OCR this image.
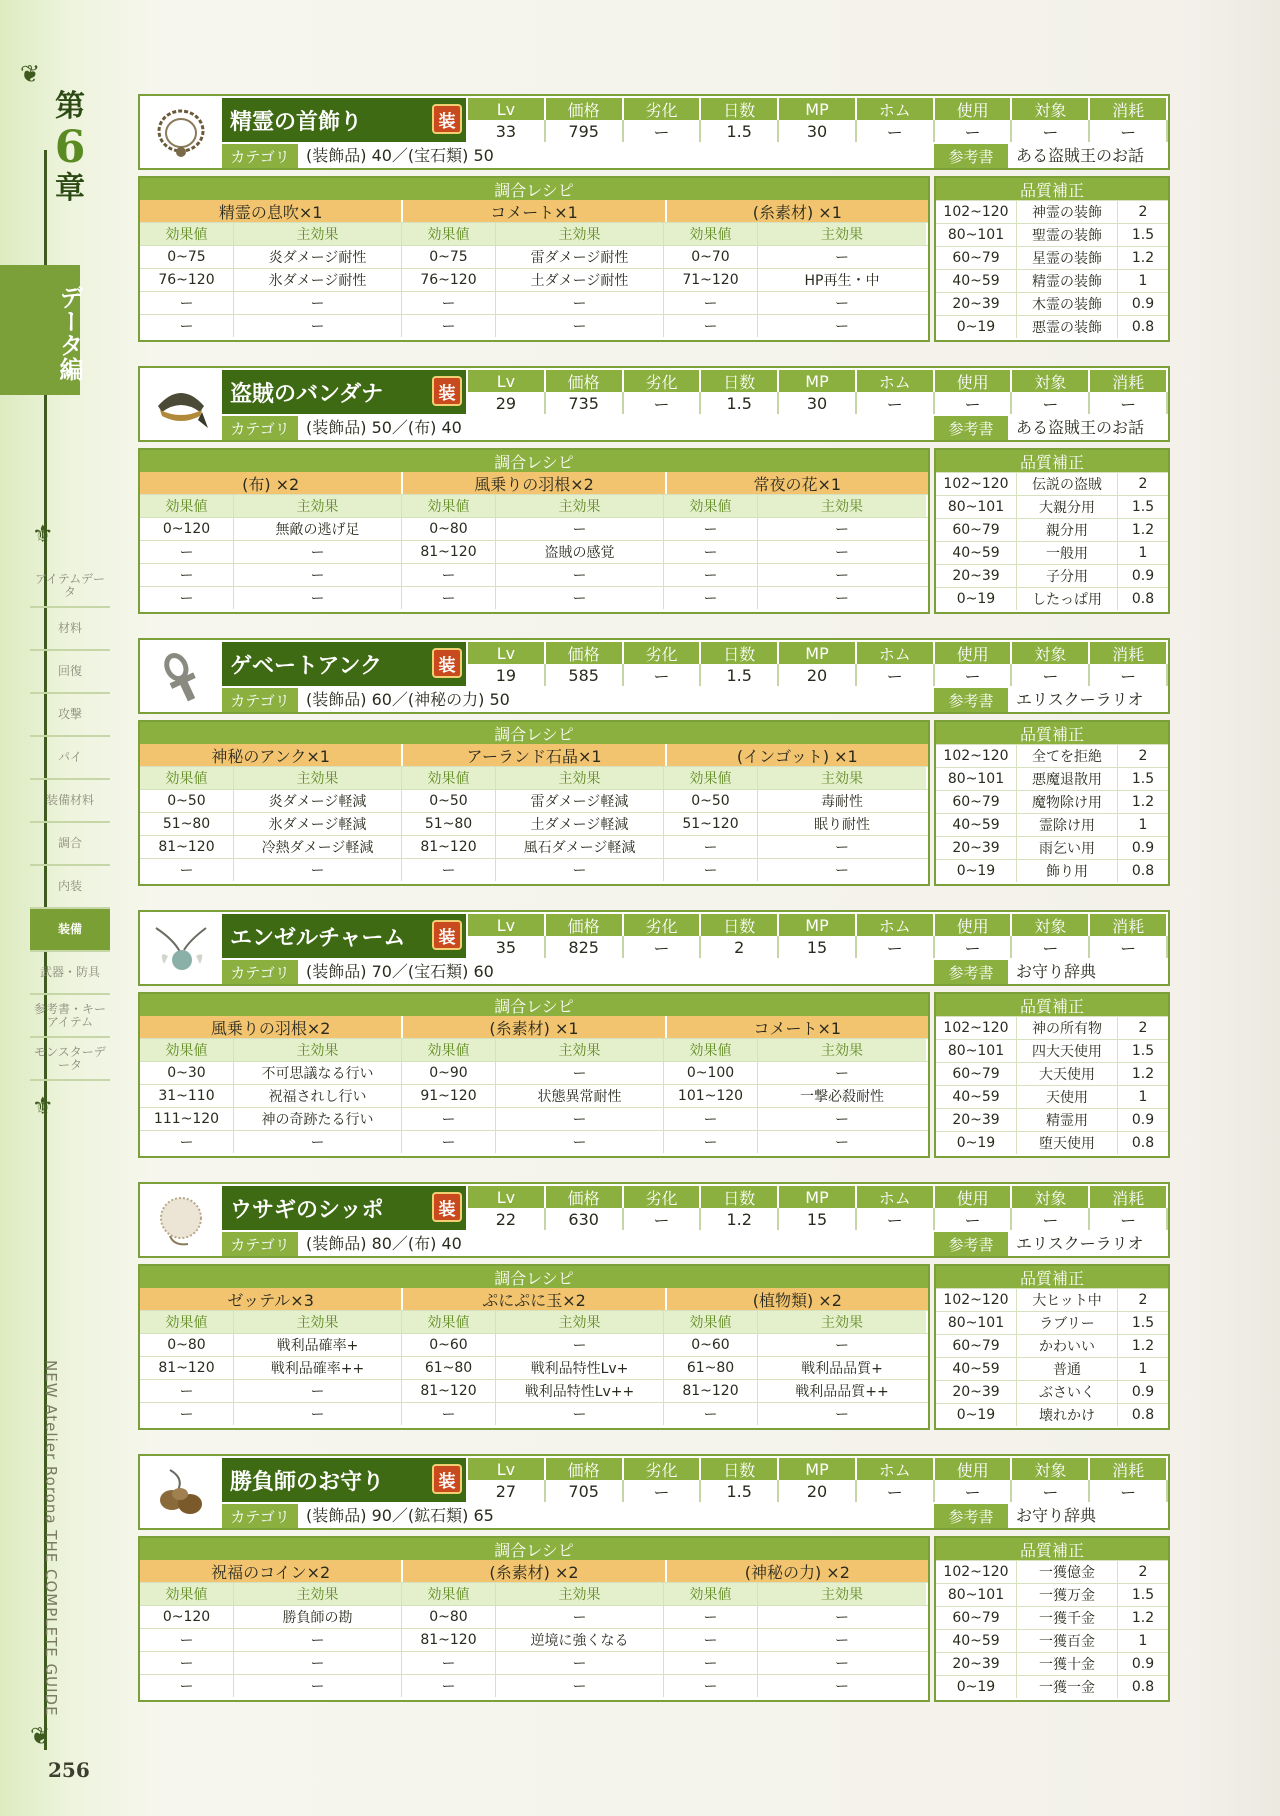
❦
第
6
章
データ編
⚜
アイテムデータ
材料
回復
攻撃
パイ
装備材料
調合
内装
装備
武器・防具
参考書・キーアイテム
モンスターデータ
⚜
NEW Atelier Rorona THE COMPLETE GUIDE
❦
256
精霊の首飾り	装
Lv	価格	劣化	日数	MP	ホム	使用	対象	消耗
33	795	ー	1.5	30	ー	ー	ー	ー
カテゴリ	(装飾品) 40／(宝石類) 50	参考書	ある盗賊王のお話
調合レシピ
精霊の息吹×1	コメート×1	(糸素材) ×1
効果値	主効果	効果値	主効果	効果値	主効果
0~75	炎ダメージ耐性	0~75	雷ダメージ耐性	0~70	ー
76~120	氷ダメージ耐性	76~120	土ダメージ耐性	71~120	HP再生・中
ー	ー	ー	ー	ー	ー
ー	ー	ー	ー	ー	ー
品質補正
102~120	神霊の装飾	2
80~101	聖霊の装飾	1.5
60~79	星霊の装飾	1.2
40~59	精霊の装飾	1
20~39	木霊の装飾	0.9
0~19	悪霊の装飾	0.8
盗賊のバンダナ	装
Lv	価格	劣化	日数	MP	ホム	使用	対象	消耗
29	735	ー	1.5	30	ー	ー	ー	ー
カテゴリ	(装飾品) 50／(布) 40	参考書	ある盗賊王のお話
調合レシピ
(布) ×2	風乗りの羽根×2	常夜の花×1
効果値	主効果	効果値	主効果	効果値	主効果
0~120	無敵の逃げ足	0~80	ー	ー	ー
ー	ー	81~120	盗賊の感覚	ー	ー
ー	ー	ー	ー	ー	ー
ー	ー	ー	ー	ー	ー
品質補正
102~120	伝説の盗賊	2
80~101	大親分用	1.5
60~79	親分用	1.2
40~59	一般用	1
20~39	子分用	0.9
0~19	したっぱ用	0.8
ゲベートアンク	装
Lv	価格	劣化	日数	MP	ホム	使用	対象	消耗
19	585	ー	1.5	20	ー	ー	ー	ー
カテゴリ	(装飾品) 60／(神秘の力) 50	参考書	エリスクーラリオ
調合レシピ
神秘のアンク×1	アーランド石晶×1	(インゴット) ×1
効果値	主効果	効果値	主効果	効果値	主効果
0~50	炎ダメージ軽減	0~50	雷ダメージ軽減	0~50	毒耐性
51~80	氷ダメージ軽減	51~80	土ダメージ軽減	51~120	眠り耐性
81~120	冷熱ダメージ軽減	81~120	風石ダメージ軽減	ー	ー
ー	ー	ー	ー	ー	ー
品質補正
102~120	全てを拒絶	2
80~101	悪魔退散用	1.5
60~79	魔物除け用	1.2
40~59	霊除け用	1
20~39	雨乞い用	0.9
0~19	飾り用	0.8
エンゼルチャーム 装
Lv	価格	劣化	日数	MP	ホム	使用	対象	消耗
35	825	ー	2	15	ー	ー	ー	ー
カテゴリ	(装飾品) 70／(宝石類) 60	参考書	お守り辞典
調合レシピ
風乗りの羽根×2	(糸素材) ×1	コメート×1
効果値	主効果	効果値	主効果	効果値	主効果
0~30	不可思議なる行い	0~90	ー	0~100	ー
31~110	祝福されし行い	91~120	状態異常耐性	101~120	一撃必殺耐性
111~120	神の奇跡たる行い	ー	ー	ー	ー
ー	ー	ー	ー	ー	ー
品質補正
102~120	神の所有物	2
80~101	四大天使用	1.5
60~79	大天使用	1.2
40~59	天使用	1
20~39	精霊用	0.9
0~19	堕天使用	0.8
ウサギのシッポ	装
Lv	価格	劣化	日数	MP	ホム	使用	対象	消耗
22	630	ー	1.2	15	ー	ー	ー	ー
カテゴリ	(装飾品) 80／(布) 40	参考書	エリスクーラリオ
調合レシピ
ゼッテル×3	ぷにぷに玉×2	(植物類) ×2
効果値	主効果	効果値	主効果	効果値	主効果
0~80	戦利品確率+	0~60	ー	0~60	ー
81~120	戦利品確率++	61~80	戦利品特性Lv+	61~80	戦利品品質+
ー	ー	81~120	戦利品特性Lv++	81~120	戦利品品質++
ー	ー	ー	ー	ー	ー
品質補正
102~120	大ヒット中	2
80~101	ラブリー	1.5
60~79	かわいい	1.2
40~59	普通	1
20~39	ぶさいく	0.9
0~19	壊れかけ	0.8
勝負師のお守り	装
Lv	価格	劣化	日数	MP	ホム	使用	対象	消耗
27	705	ー	1.5	20	ー	ー	ー	ー
カテゴリ	(装飾品) 90／(鉱石類) 65	参考書	お守り辞典
調合レシピ
祝福のコイン×2	(糸素材) ×2	(神秘の力) ×2
効果値	主効果	効果値	主効果	効果値	主効果
0~120	勝負師の勘	0~80	ー	ー	ー
ー	ー	81~120	逆境に強くなる	ー	ー
ー	ー	ー	ー	ー	ー
ー	ー	ー	ー	ー	ー
品質補正
102~120	一獲億金	2
80~101	一獲万金	1.5
60~79	一獲千金	1.2
40~59	一獲百金	1
20~39	一獲十金	0.9
0~19	一獲一金	0.8
